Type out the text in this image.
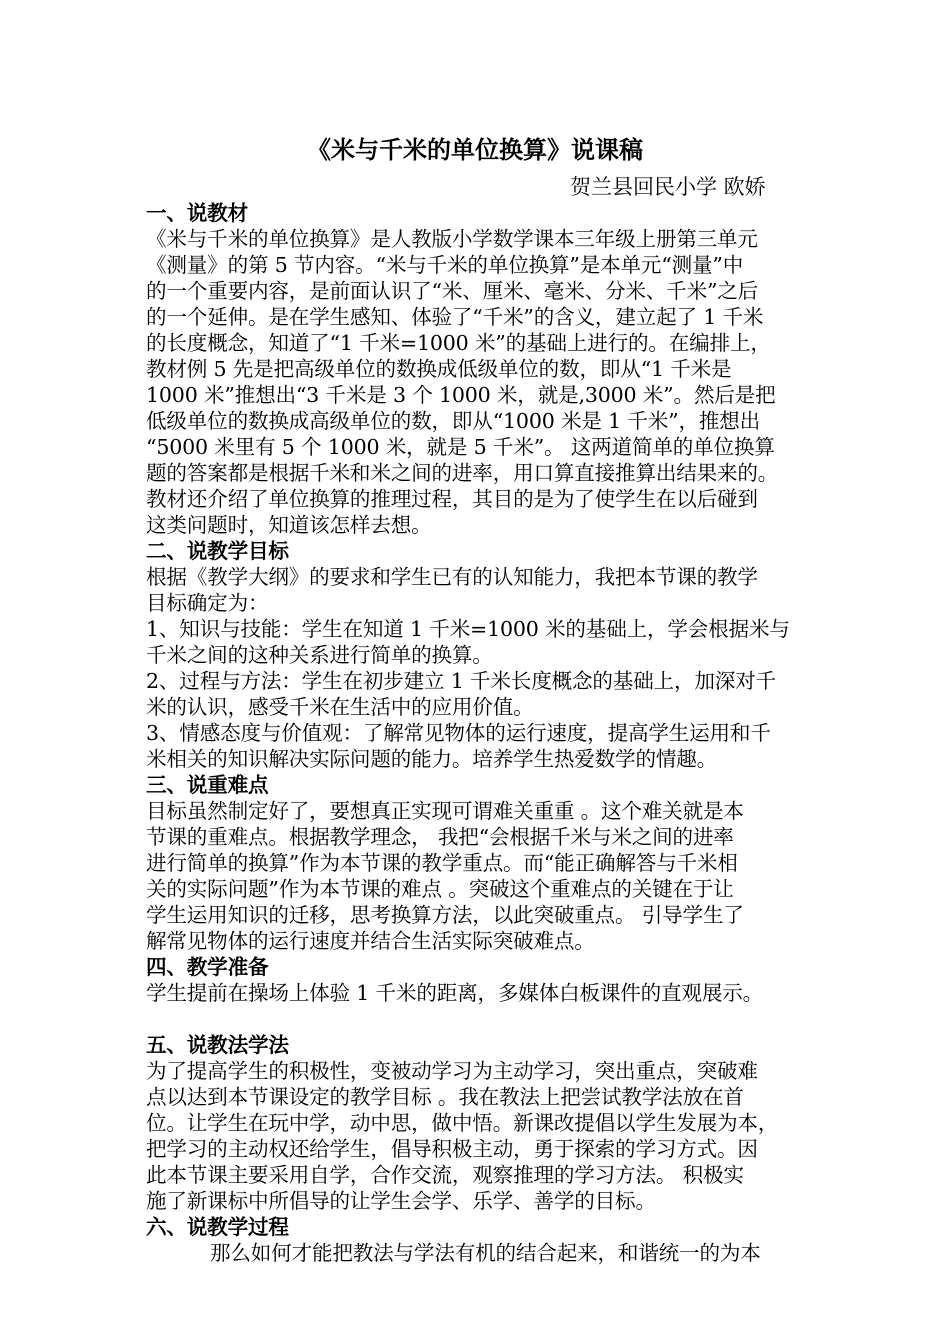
《米与千米的单位换算》说课稿
贺兰县回民小学 欧娇
一、说教材
《米与千米的单位换算》是人教版小学数学课本三年级上册第三单元
《测量》的第 5 节内容。“米与千米的单位换算”是本单元“测量”中
的一个重要内容，是前面认识了“米、厘米、毫米、分米、千米”之后
的一个延伸。是在学生感知、体验了“千米”的含义，建立起了 1 千米
的长度概念，知道了“1 千米=1000 米”的基础上进行的。在编排上，
教材例 5 先是把高级单位的数换成低级单位的数，即从“1 千米是
1000 米”推想出“3 千米是 3 个 1000 米，就是,3000 米”。然后是把
低级单位的数换成高级单位的数，即从“1000 米是 1 千米”，推想出
“5000 米里有 5 个 1000 米，就是 5 千米”。 这两道简单的单位换算
题的答案都是根据千米和米之间的进率，用口算直接推算出结果来的。
教材还介绍了单位换算的推理过程，其目的是为了使学生在以后碰到
这类问题时，知道该怎样去想。
二、说教学目标
根据《教学大纲》的要求和学生已有的认知能力，我把本节课的教学
目标确定为：
1、知识与技能：学生在知道 1 千米=1000 米的基础上，学会根据米与
千米之间的这种关系进行简单的换算。
2、过程与方法：学生在初步建立 1 千米长度概念的基础上，加深对千
米的认识，感受千米在生活中的应用价值。
3、情感态度与价值观：了解常见物体的运行速度，提高学生运用和千
米相关的知识解决实际问题的能力。培养学生热爱数学的情趣。
三、说重难点
目标虽然制定好了，要想真正实现可谓难关重重 。这个难关就是本
节课的重难点。根据教学理念， 我把“会根据千米与米之间的进率
进行简单的换算”作为本节课的教学重点。而“能正确解答与千米相
关的实际问题”作为本节课的难点 。突破这个重难点的关键在于让
学生运用知识的迁移，思考换算方法，以此突破重点。 引导学生了
解常见物体的运行速度并结合生活实际突破难点。
四、教学准备
学生提前在操场上体验 1 千米的距离，多媒体白板课件的直观展示。
五、说教法学法
为了提高学生的积极性，变被动学习为主动学习，突出重点，突破难
点以达到本节课设定的教学目标 。我在教法上把尝试教学法放在首
位。让学生在玩中学，动中思，做中悟。新课改提倡以学生发展为本，
把学习的主动权还给学生，倡导积极主动，勇于探索的学习方式。因
此本节课主要采用自学，合作交流，观察推理的学习方法。 积极实
施了新课标中所倡导的让学生会学、乐学、善学的目标。
六、说教学过程
那么如何才能把教法与学法有机的结合起来，和谐统一的为本
